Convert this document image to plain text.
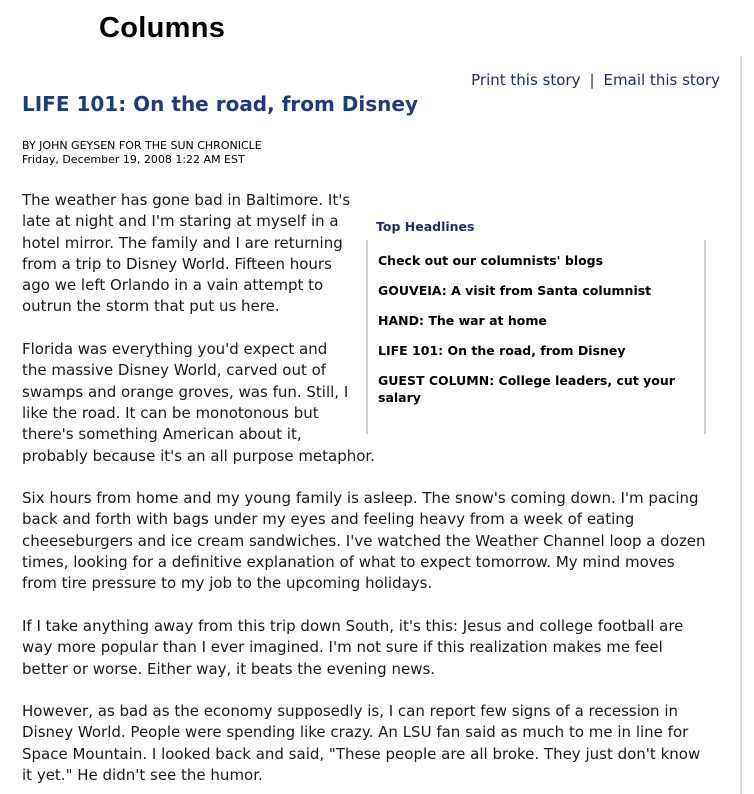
Columns
Print this story | Email this story
LIFE 101: On the road, from Disney
BY JOHN GEYSEN FOR THE SUN CHRONICLE
Friday, December 19, 2008 1:22 AM EST
Top Headlines
Check out our columnists' blogs
GOUVEIA: A visit from Santa columnist
HAND: The war at home
LIFE 101: On the road, from Disney
GUEST COLUMN: College leaders, cut your salary

The weather has gone bad in Baltimore. It's late at night and I'm staring at myself in a hotel mirror. The family and I are returning from a trip to Disney World. Fifteen hours ago we left Orlando in a vain attempt to outrun the storm that put us here.

Florida was everything you'd expect and the massive Disney World, carved out of swamps and orange groves, was fun. Still, I like the road. It can be monotonous but there's something American about it, probably because it's an all purpose metaphor.

Six hours from home and my young family is asleep. The snow's coming down. I'm pacing back and forth with bags under my eyes and feeling heavy from a week of eating cheeseburgers and ice cream sandwiches. I've watched the Weather Channel loop a dozen times, looking for a definitive explanation of what to expect tomorrow. My mind moves from tire pressure to my job to the upcoming holidays.

If I take anything away from this trip down South, it's this: Jesus and college football are way more popular than I ever imagined. I'm not sure if this realization makes me feel better or worse. Either way, it beats the evening news.

However, as bad as the economy supposedly is, I can report few signs of a recession in Disney World. People were spending like crazy. An LSU fan said as much to me in line for Space Mountain. I looked back and said, "These people are all broke. They just don't know it yet." He didn't see the humor.
